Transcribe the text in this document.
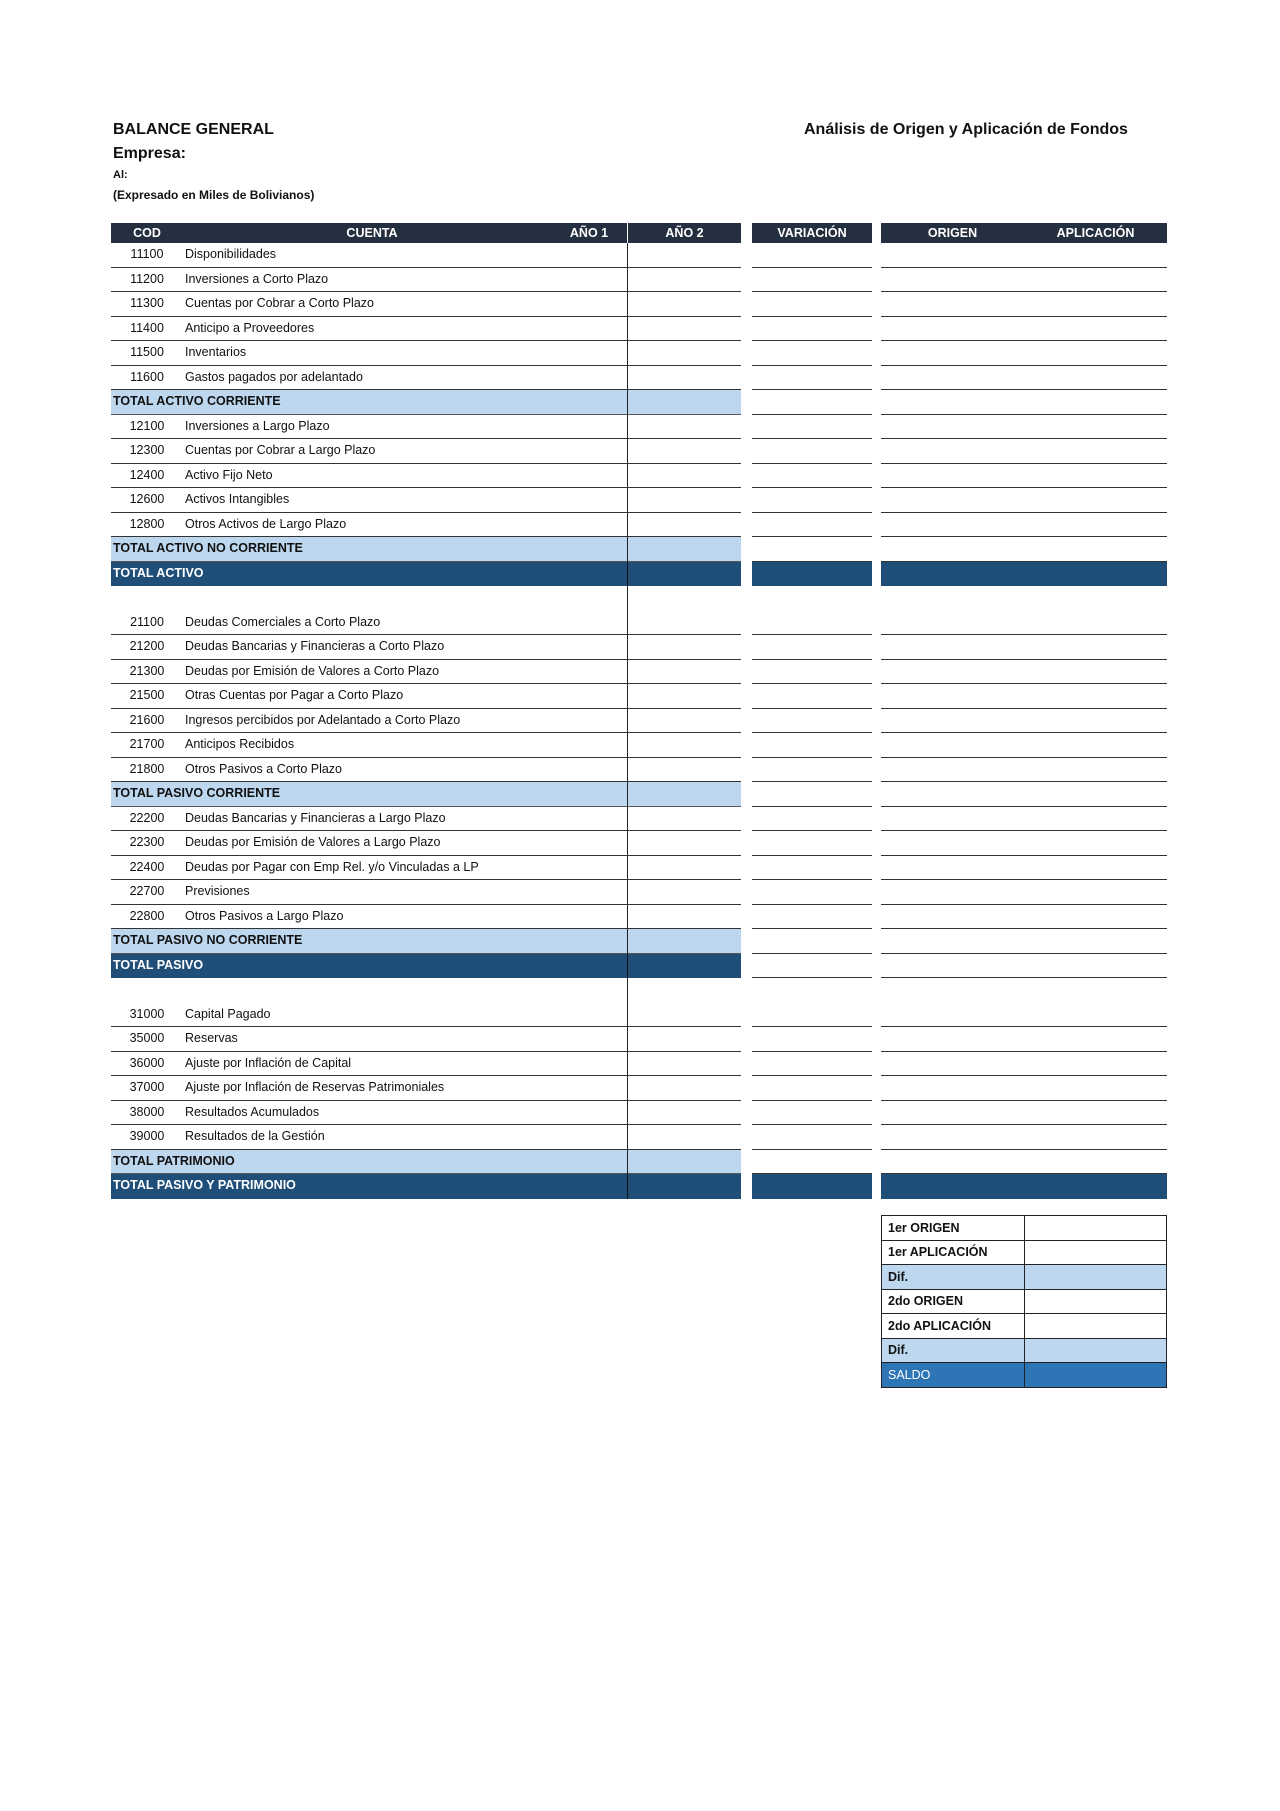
BALANCE GENERAL
Empresa:
Al:
(Expresado en Miles de Bolivianos)
Análisis de Origen y Aplicación de Fondos
COD	CUENTA	AÑO 1	AÑO 2	VARIACIÓN	ORIGEN	APLICACIÓN
11100	Disponibilidades
11200	Inversiones a Corto Plazo
11300	Cuentas por Cobrar a Corto Plazo
11400	Anticipo a Proveedores
11500	Inventarios
11600	Gastos pagados por adelantado
TOTAL ACTIVO CORRIENTE
12100	Inversiones a Largo Plazo
12300	Cuentas por Cobrar a Largo Plazo
12400	Activo Fijo Neto
12600	Activos Intangibles
12800	Otros Activos de Largo Plazo
TOTAL ACTIVO NO CORRIENTE
TOTAL ACTIVO
21100	Deudas Comerciales a Corto Plazo
21200	Deudas Bancarias y Financieras a Corto Plazo
21300	Deudas por Emisión de Valores a Corto Plazo
21500	Otras Cuentas por Pagar a Corto Plazo
21600	Ingresos percibidos por Adelantado a Corto Plazo
21700	Anticipos Recibidos
21800	Otros Pasivos a Corto Plazo
TOTAL PASIVO CORRIENTE
22200	Deudas Bancarias y Financieras a Largo Plazo
22300	Deudas por Emisión de Valores a Largo Plazo
22400	Deudas por Pagar con Emp Rel. y/o Vinculadas a LP
22700	Previsiones
22800	Otros Pasivos a Largo Plazo
TOTAL PASIVO NO CORRIENTE
TOTAL PASIVO
31000	Capital Pagado
35000	Reservas
36000	Ajuste por Inflación de Capital
37000	Ajuste por Inflación de Reservas Patrimoniales
38000	Resultados Acumulados
39000	Resultados de la Gestión
TOTAL PATRIMONIO
TOTAL PASIVO Y PATRIMONIO
1er ORIGEN	
1er APLICACIÓN	
Dif.	
2do ORIGEN	
2do APLICACIÓN	
Dif.	
SALDO	
